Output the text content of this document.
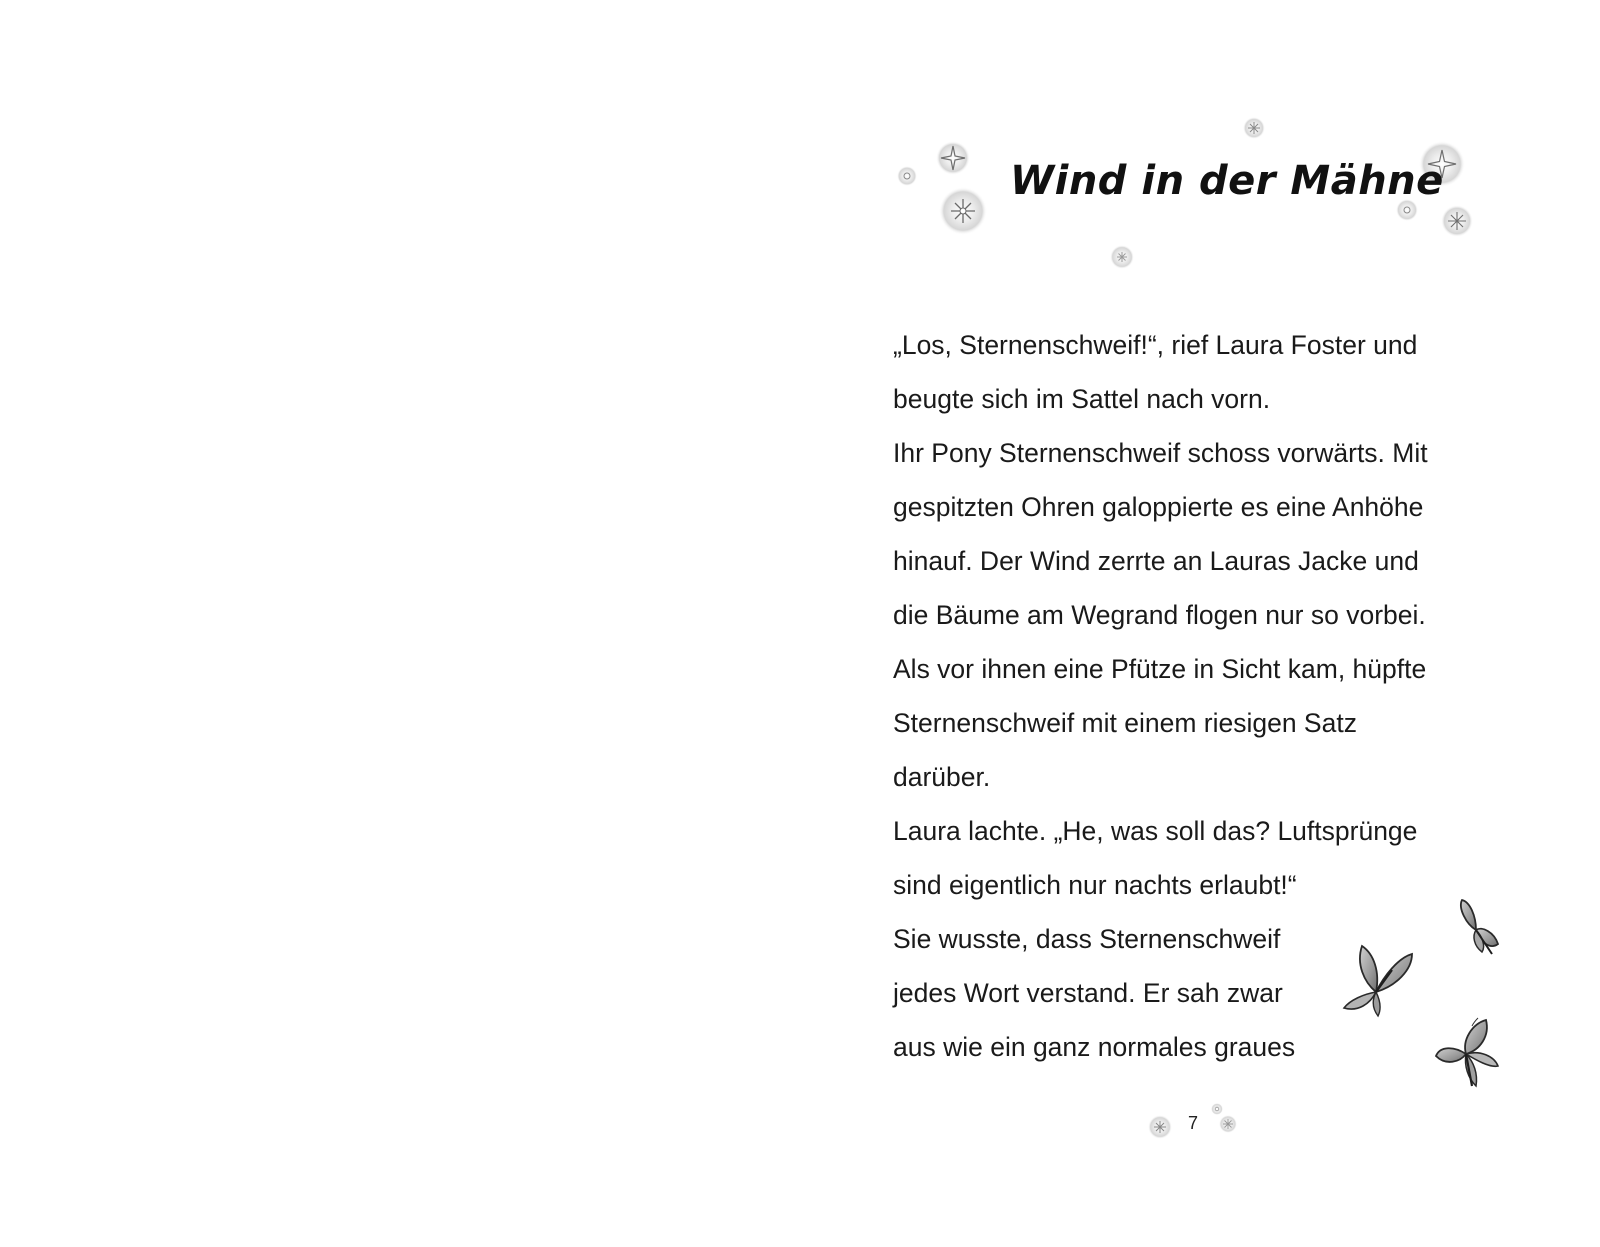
Wind in der Mähne
„Los, Sternenschweif!“, rief Laura Foster und
beugte sich im Sattel nach vorn.
Ihr Pony Sternenschweif schoss vorwärts. Mit
gespitzten Ohren galoppierte es eine Anhöhe
hinauf. Der Wind zerrte an Lauras Jacke und
die Bäume am Wegrand flogen nur so vorbei.
Als vor ihnen eine Pfütze in Sicht kam, hüpfte
Sternenschweif mit einem riesigen Satz
darüber.
Laura lachte. „He, was soll das? Luftsprünge
sind eigentlich nur nachts erlaubt!“
Sie wusste, dass Sternenschweif
jedes Wort verstand. Er sah zwar
aus wie ein ganz normales graues
7
